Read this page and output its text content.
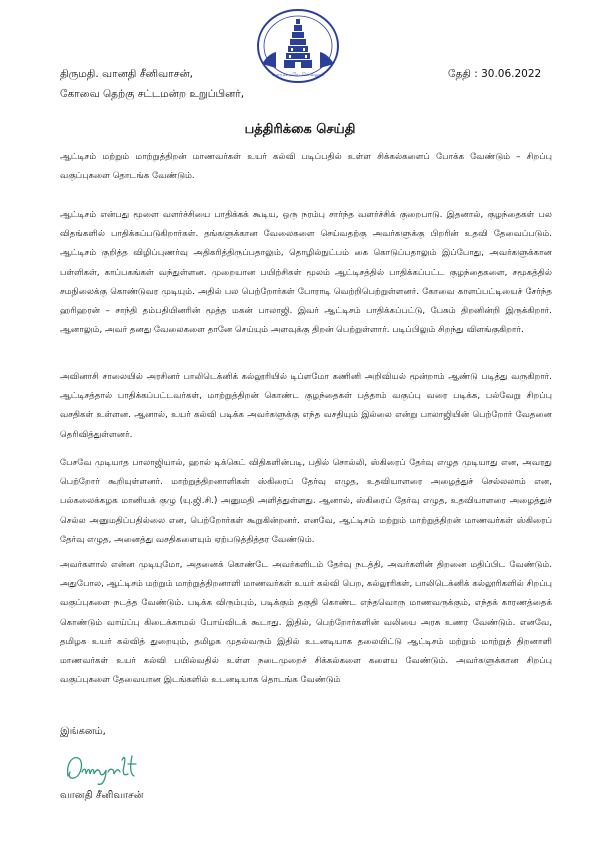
வாய்மையே வெல்லும்
திருமதி. வானதி சீனிவாசன்,
கோவை தெற்கு சட்டமன்ற உறுப்பினர்,
தேதி : 30.06.2022
பத்திரிக்கை செய்தி
ஆட்டிசம் மற்றும் மாற்றுத்திறன் மாணவர்கள் உயர் கல்வி படிப்பதில் உள்ள சிக்கல்களைப் போக்க வேண்டும் – சிறப்பு வகுப்புகளை தொடங்க வேண்டும்.
ஆட்டிசம் என்பது மூளை வளர்ச்சியை பாதிக்கக் கூடிய, ஒரு நரம்பு சார்ந்த வளர்ச்சிக் குறைபாடு. இதனால், குழந்தைகள் பல விதங்களில் பாதிக்கப்படுகிறார்கள். தங்களுக்கான வேலைகளை செய்வதற்கு அவர்களுக்கு பிறரின் உதவி தேவைப்படும். ஆட்டிசம் குறித்த விழிப்புணர்வு அதிகரித்திருப்பதாலும், தொழில்நுட்பம் கை கொடுப்பதாலும் இப்போது, அவர்களுக்கான பள்ளிகள், காப்பகங்கள் வந்துள்ளன. முறையான பயிற்சிகள் மூலம் ஆட்டிசத்தில் பாதிக்கப்பட்ட குழந்தைகளை, சமூகத்தில் சமநிலைக்கு கொண்டுவர முடியும். அதில் பல பெற்றோர்கள் போராடி வெற்றிபெற்றுள்ளனர். கோவை காளப்பட்டியைச் சேர்ந்த ஹரிஹரன் – சாந்தி தம்பதியினரின் மூத்த மகன் பாலாஜி. இவர் ஆட்டிசம் பாதிக்கப்பட்டு, பேசும் திறனின்றி இருக்கிறார். ஆனாலும், அவர் தனது வேலைகளை தானே செய்யும் அளவுக்கு திறன் பெற்றுள்ளார். படிப்பிலும் சிறந்து விளங்குகிறார்.
அவினாசி சாலையில் அரசினர் பாலிடெக்னிக் கல்லூரியில் டிப்ளமோ கணினி அறிவியல் மூன்றாம் ஆண்டு படித்து வருகிறார். ஆட்டிசத்தால் பாதிக்கப்பட்டவர்கள், மாற்றுத்திறன் கொண்ட குழந்தைகள் பத்தாம் வகுப்பு வரை படிக்க, பல்வேறு சிறப்பு வசதிகள் உள்ளன. ஆனால், உயர் கல்வி படிக்க அவர்களுக்கு எந்த வசதியும் இல்லை என்று பாலாஜியின் பெற்றோர் வேதனை தெரிவித்துள்ளனர்.
பேசவே முடியாத பாலாஜியால், ஹால் டிக்கெட் விதிகளின்படி, பதில் சொல்லி, ஸ்கிரைப் தேர்வு எழுத முடியாது என, அவரது பெற்றோர் கூறியுள்ளனர். மாற்றுத்திறனாளிகள் ஸ்கிரைப் தேர்வு எழுத, உதவியாளரை அழைத்துச் செல்லலாம் என, பல்கலைக்கழக மானியக் குழு (யு.ஜி.சி.) அனுமதி அளித்துள்ளது. ஆனால், ஸ்கிரைப் தேர்வு எழுத, உதவியாளரை அழைத்துச் செல்ல அனுமதிப்பதில்லை என, பெற்றோர்கள் கூறுகின்றனர். எனவே, ஆட்டிசம் மற்றும் மாற்றுத்திறன் மாணவர்கள் ஸ்கிரைப் தேர்வு எழுத, அனைத்து வசதிகளையும் ஏற்படுத்தித்தர வேண்டும்.
அவர்களால் என்ன முடியுமோ, அதனைக் கொண்டே அவர்களிடம் தேர்வு நடத்தி, அவர்களின் திறனை மதிப்பிட வேண்டும். அதுபோல, ஆட்டிசம் மற்றும் மாற்றுத்திறனாளி மாணவர்கள் உயர் கல்வி பெற, கல்லூரிகள், பாலிடெக்னிக் கல்லூரிகளில் சிறப்பு வகுப்புகளை நடத்த வேண்டும். படிக்க விரும்பும், படிக்கும் தகுதி கொண்ட எந்தவொரு மாணவருக்கும், எந்தக் காரணத்தைக் கொண்டும் வாய்ப்பு கிடைக்காமல் போய்விடக் கூடாது. இதில், பெற்றோர்களின் வலியை அரசு உணர வேண்டும். எனவே, தமிழக உயர் கல்வித் துறையும், தமிழக முதல்வரும் இதில் உடனடியாக தலையிட்டு ஆட்டிசம் மற்றும் மாற்றுத் திறனாளி மாணவர்கள் உயர் கல்வி பயில்வதில் உள்ள நடைமுறைச் சிக்கல்களை களைய வேண்டும். அவர்களுக்கான சிறப்பு வகுப்புகளை தேவையான இடங்களில் உடனடியாக தொடங்க வேண்டும்
இங்கனம்,
வானதி சீனிவாசன்
